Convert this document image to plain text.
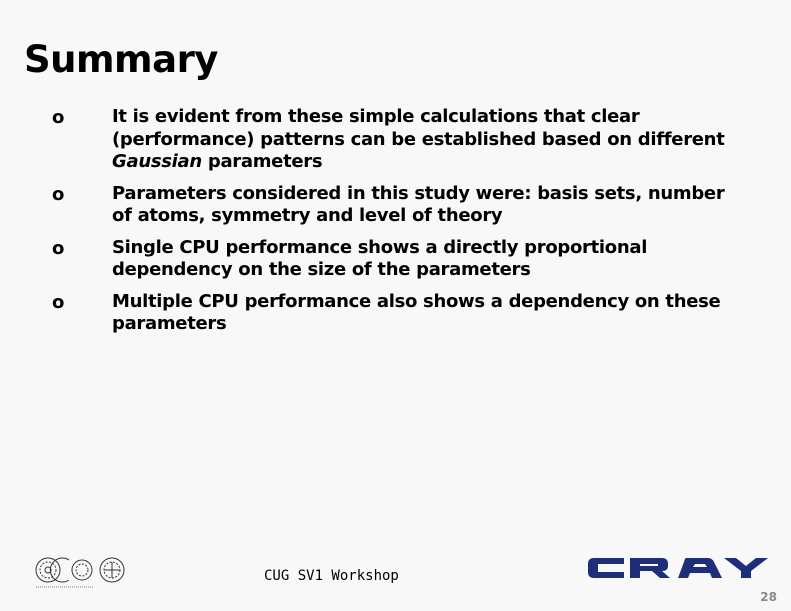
Summary
o	It is evident from these simple calculations that clear (performance) patterns can be established based on different Gaussian parameters
o	Parameters considered in this study were: basis sets, number of atoms, symmetry and level of theory
o	Single CPU performance shows a directly proportional dependency on the size of the parameters
o	Multiple CPU performance also shows a dependency on these parameters
CUG SV1 Workshop
28
